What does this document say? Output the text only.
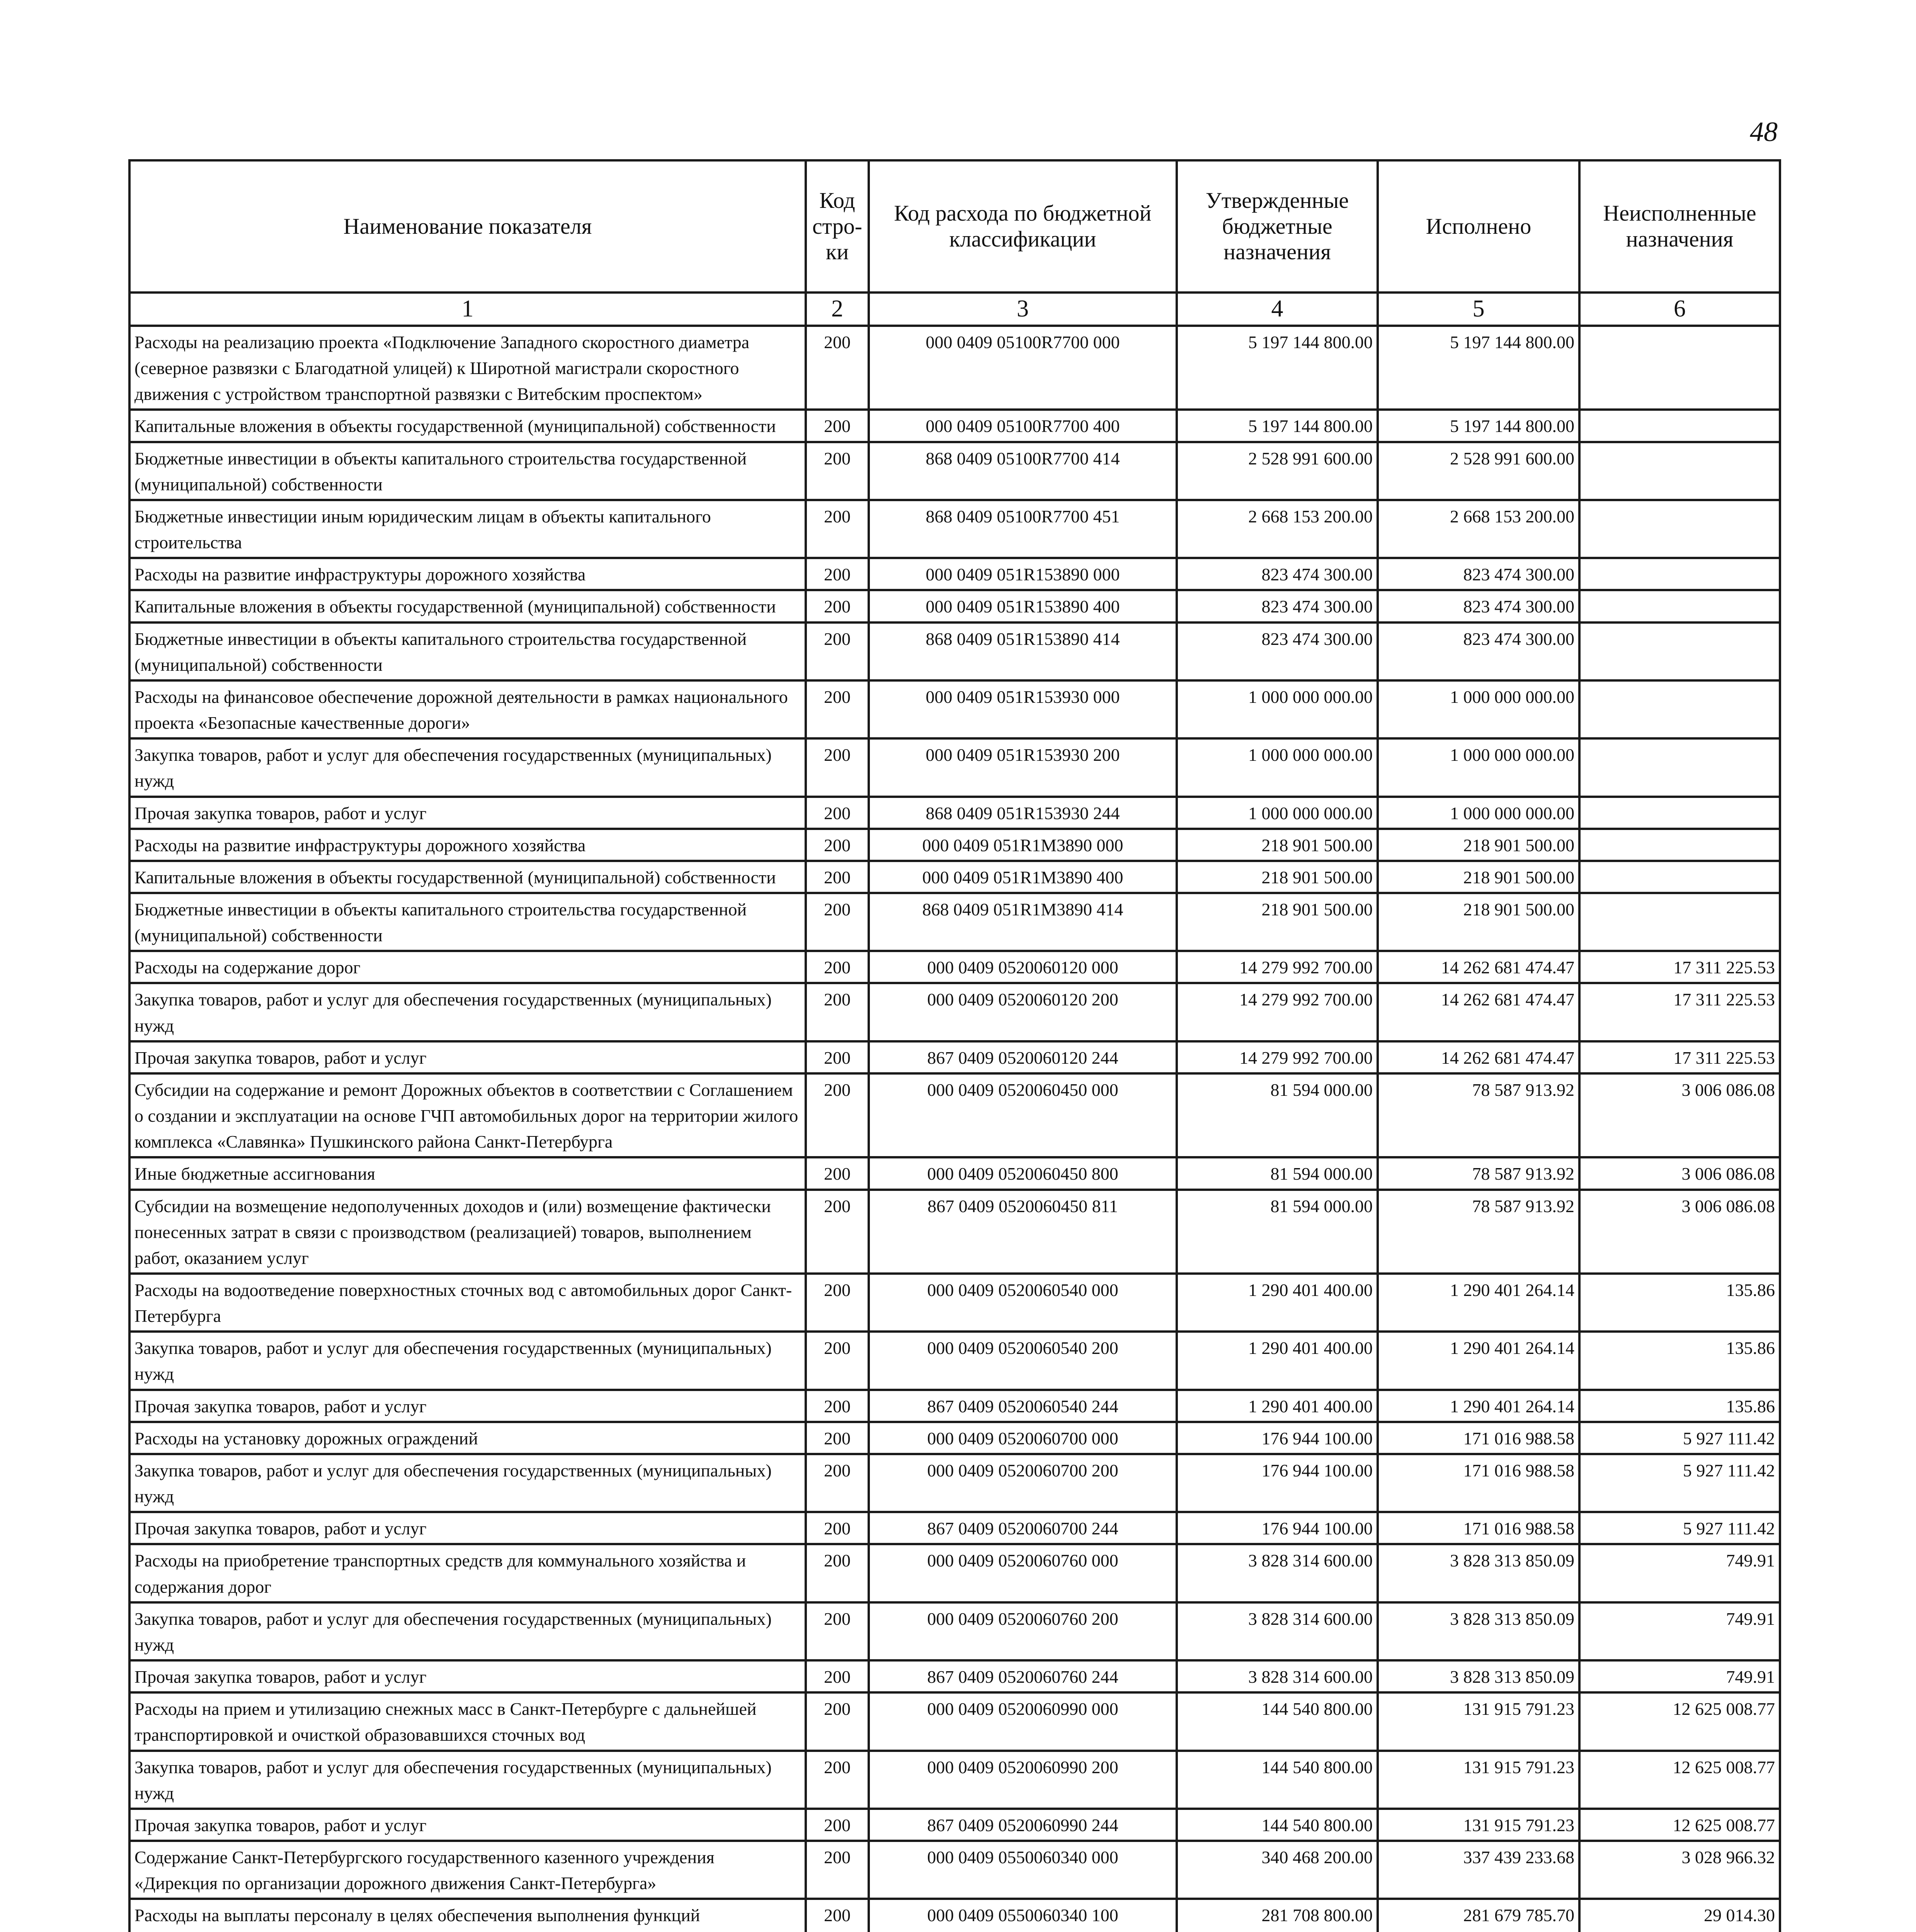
48
Наименование показателя	Код стро-ки	Код расхода по бюджетной классификации	Утвержденные бюджетные назначения	Исполнено	Неисполненные назначения
1	2	3	4	5	6
Расходы на реализацию проекта «Подключение Западного скоростного диаметра (северное развязки с Благодатной улицей) к Широтной магистрали скоростного движения с устройством транспортной развязки с Витебским проспектом»	200	000 0409 05100R7700 000	5 197 144 800.00	5 197 144 800.00	
Капитальные вложения в объекты государственной (муниципальной) собственности	200	000 0409 05100R7700 400	5 197 144 800.00	5 197 144 800.00	
Бюджетные инвестиции в объекты капитального строительства государственной (муниципальной) собственности	200	868 0409 05100R7700 414	2 528 991 600.00	2 528 991 600.00	
Бюджетные инвестиции иным юридическим лицам в объекты капитального строительства	200	868 0409 05100R7700 451	2 668 153 200.00	2 668 153 200.00	
Расходы на развитие инфраструктуры дорожного хозяйства	200	000 0409 051R153890 000	823 474 300.00	823 474 300.00	
Капитальные вложения в объекты государственной (муниципальной) собственности	200	000 0409 051R153890 400	823 474 300.00	823 474 300.00	
Бюджетные инвестиции в объекты капитального строительства государственной (муниципальной) собственности	200	868 0409 051R153890 414	823 474 300.00	823 474 300.00	
Расходы на финансовое обеспечение дорожной деятельности в рамках национального проекта «Безопасные качественные дороги»	200	000 0409 051R153930 000	1 000 000 000.00	1 000 000 000.00	
Закупка товаров, работ и услуг для обеспечения государственных (муниципальных) нужд	200	000 0409 051R153930 200	1 000 000 000.00	1 000 000 000.00	
Прочая закупка товаров, работ и услуг	200	868 0409 051R153930 244	1 000 000 000.00	1 000 000 000.00	
Расходы на развитие инфраструктуры дорожного хозяйства	200	000 0409 051R1M3890 000	218 901 500.00	218 901 500.00	
Капитальные вложения в объекты государственной (муниципальной) собственности	200	000 0409 051R1M3890 400	218 901 500.00	218 901 500.00	
Бюджетные инвестиции в объекты капитального строительства государственной (муниципальной) собственности	200	868 0409 051R1M3890 414	218 901 500.00	218 901 500.00	
Расходы на содержание дорог	200	000 0409 0520060120 000	14 279 992 700.00	14 262 681 474.47	17 311 225.53
Закупка товаров, работ и услуг для обеспечения государственных (муниципальных) нужд	200	000 0409 0520060120 200	14 279 992 700.00	14 262 681 474.47	17 311 225.53
Прочая закупка товаров, работ и услуг	200	867 0409 0520060120 244	14 279 992 700.00	14 262 681 474.47	17 311 225.53
Субсидии на содержание и ремонт Дорожных объектов в соответствии с Соглашением о создании и эксплуатации на основе ГЧП автомобильных дорог на территории жилого комплекса «Славянка» Пушкинского района Санкт-Петербурга	200	000 0409 0520060450 000	81 594 000.00	78 587 913.92	3 006 086.08
Иные бюджетные ассигнования	200	000 0409 0520060450 800	81 594 000.00	78 587 913.92	3 006 086.08
Субсидии на возмещение недополученных доходов и (или) возмещение фактически понесенных затрат в связи с производством (реализацией) товаров, выполнением работ, оказанием услуг	200	867 0409 0520060450 811	81 594 000.00	78 587 913.92	3 006 086.08
Расходы на водоотведение поверхностных сточных вод с автомобильных дорог Санкт-Петербурга	200	000 0409 0520060540 000	1 290 401 400.00	1 290 401 264.14	135.86
Закупка товаров, работ и услуг для обеспечения государственных (муниципальных) нужд	200	000 0409 0520060540 200	1 290 401 400.00	1 290 401 264.14	135.86
Прочая закупка товаров, работ и услуг	200	867 0409 0520060540 244	1 290 401 400.00	1 290 401 264.14	135.86
Расходы на установку дорожных ограждений	200	000 0409 0520060700 000	176 944 100.00	171 016 988.58	5 927 111.42
Закупка товаров, работ и услуг для обеспечения государственных (муниципальных) нужд	200	000 0409 0520060700 200	176 944 100.00	171 016 988.58	5 927 111.42
Прочая закупка товаров, работ и услуг	200	867 0409 0520060700 244	176 944 100.00	171 016 988.58	5 927 111.42
Расходы на приобретение транспортных средств для коммунального хозяйства и содержания дорог	200	000 0409 0520060760 000	3 828 314 600.00	3 828 313 850.09	749.91
Закупка товаров, работ и услуг для обеспечения государственных (муниципальных) нужд	200	000 0409 0520060760 200	3 828 314 600.00	3 828 313 850.09	749.91
Прочая закупка товаров, работ и услуг	200	867 0409 0520060760 244	3 828 314 600.00	3 828 313 850.09	749.91
Расходы на прием и утилизацию снежных масс в Санкт-Петербурге с дальнейшей транспортировкой и очисткой образовавшихся сточных вод	200	000 0409 0520060990 000	144 540 800.00	131 915 791.23	12 625 008.77
Закупка товаров, работ и услуг для обеспечения государственных (муниципальных) нужд	200	000 0409 0520060990 200	144 540 800.00	131 915 791.23	12 625 008.77
Прочая закупка товаров, работ и услуг	200	867 0409 0520060990 244	144 540 800.00	131 915 791.23	12 625 008.77
Содержание Санкт-Петербургского государственного казенного учреждения «Дирекция по организации дорожного движения Санкт-Петербурга»	200	000 0409 0550060340 000	340 468 200.00	337 439 233.68	3 028 966.32
Расходы на выплаты персоналу в целях обеспечения выполнения функций	200	000 0409 0550060340 100	281 708 800.00	281 679 785.70	29 014.30
